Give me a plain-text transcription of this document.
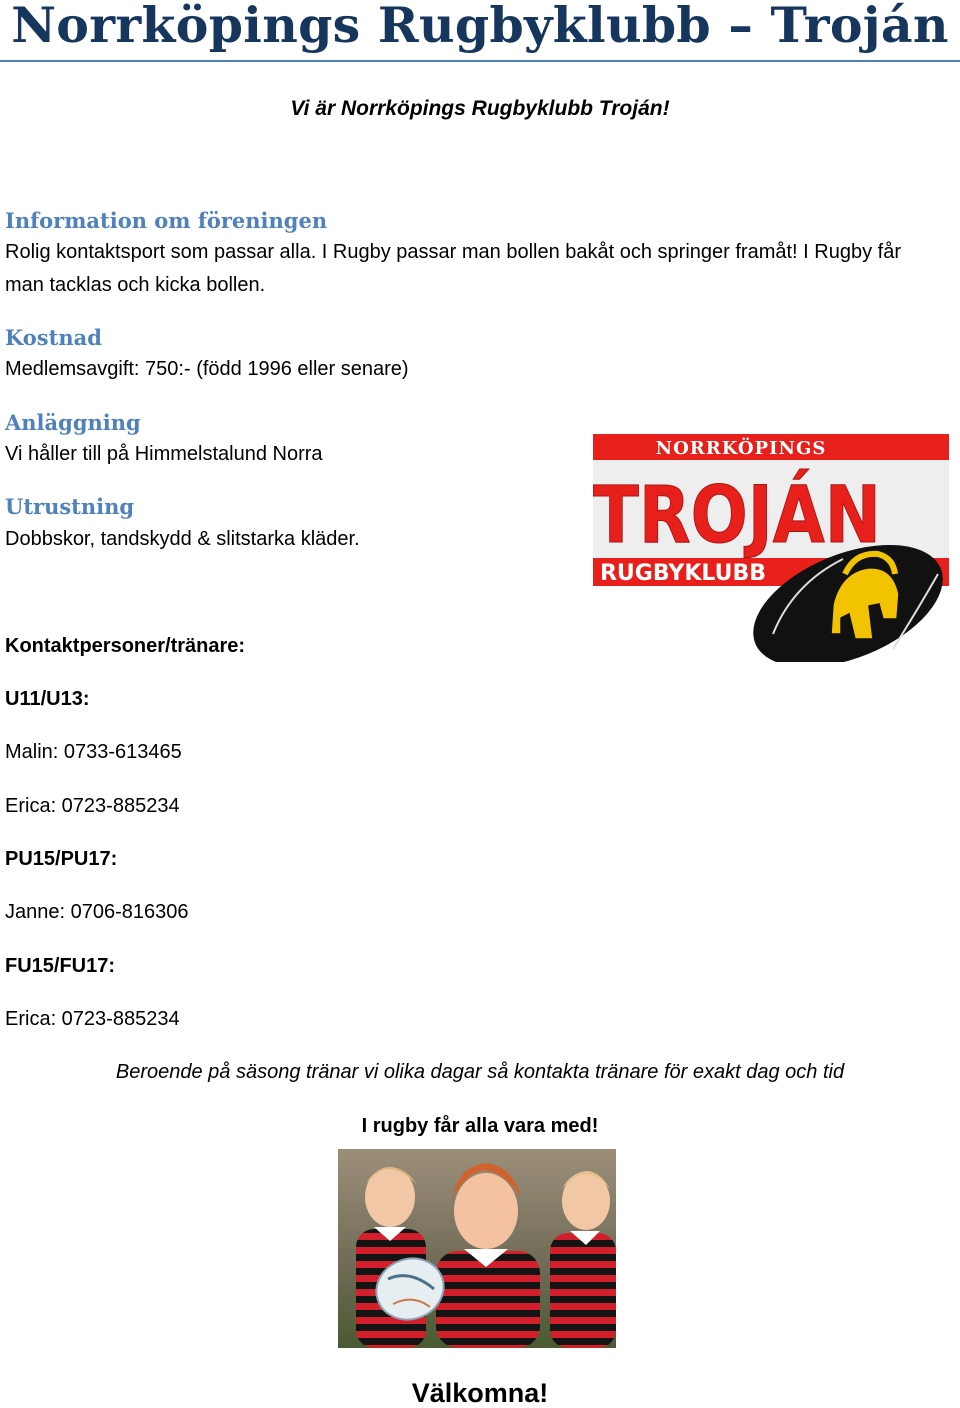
Norrköpings Rugbyklubb – Troján

Vi är Norrköpings Rugbyklubb Troján!

Information om föreningen

Rolig kontaktsport som passar alla. I Rugby passar man bollen bakåt och springer framåt! I Rugby får

man tacklas och kicka bollen.

Kostnad

Medlemsavgift: 750:- (född 1996 eller senare)

Anläggning

Vi håller till på Himmelstalund Norra

Utrustning

Dobbskor, tandskydd & slitstarka kläder.

NORRKÖPINGS
TROJÁN
RUGBYKLUBB

Kontaktpersoner/tränare:

U11/U13:

Malin: 0733-613465

Erica: 0723-885234

PU15/PU17:

Janne: 0706-816306

FU15/FU17:

Erica: 0723-885234

Beroende på säsong tränar vi olika dagar så kontakta tränare för exakt dag och tid

I rugby får alla vara med!

Välkomna!
